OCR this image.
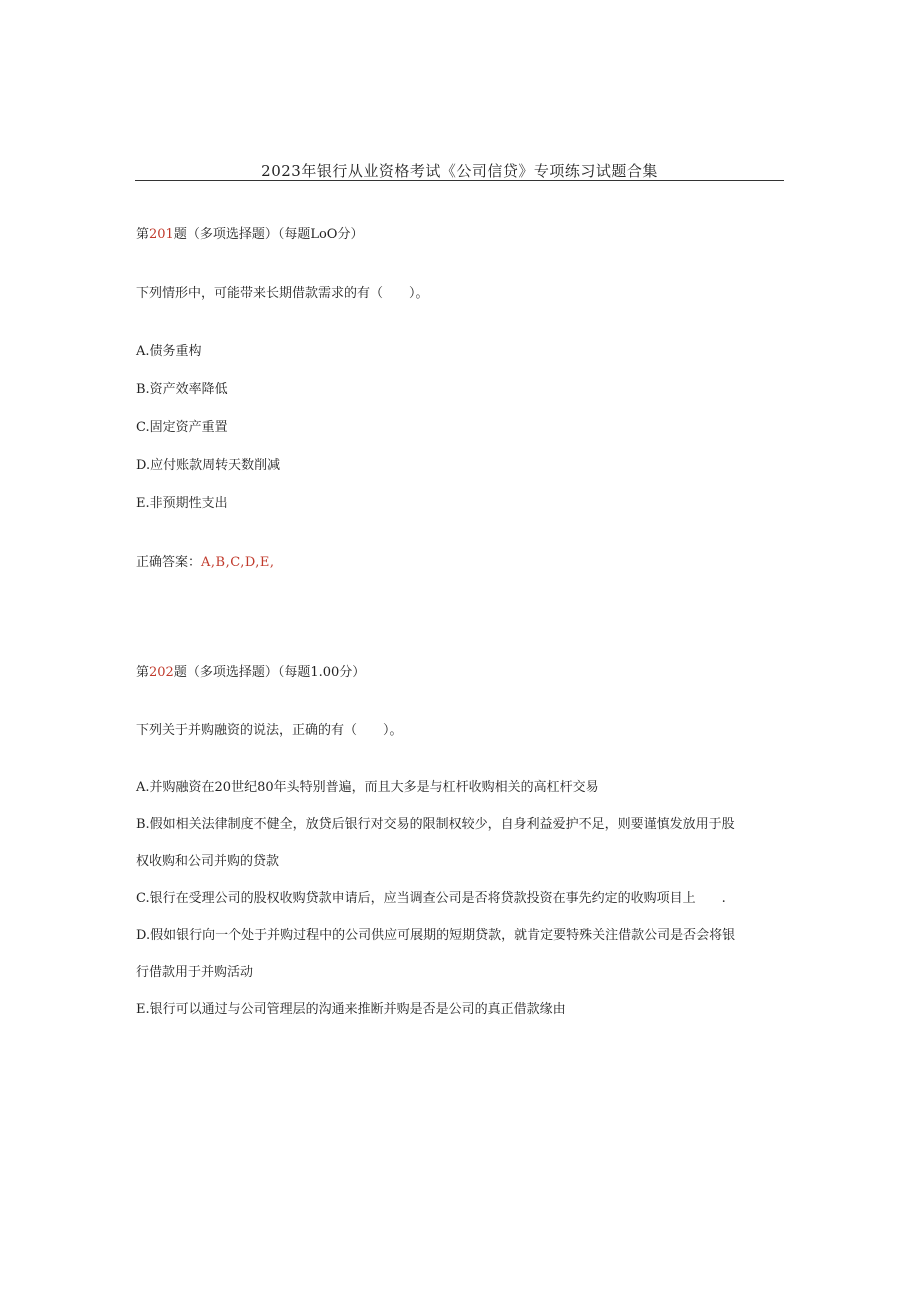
2023年银行从业资格考试《公司信贷》专项练习试题合集
第201题（多项选择题）（每题LoO分）
下列情形中，可能带来长期借款需求的有（　　）。
A.债务重构
B.资产效率降低
C.固定资产重置
D.应付账款周转天数削减
E.非预期性支出
正确答案：A,B,C,D,E,
第202题（多项选择题）（每题1.00分）
下列关于并购融资的说法，正确的有（　　）。
A.并购融资在20世纪80年头特别普遍，而且大多是与杠杆收购相关的高杠杆交易
B.假如相关法律制度不健全，放贷后银行对交易的限制权较少，自身利益爱护不足，则要谨慎发放用于股
权收购和公司并购的贷款
C.银行在受理公司的股权收购贷款申请后，应当调查公司是否将贷款投资在事先约定的收购项目上　　.
D.假如银行向一个处于并购过程中的公司供应可展期的短期贷款，就肯定要特殊关注借款公司是否会将银
行借款用于并购活动
E.银行可以通过与公司管理层的沟通来推断并购是否是公司的真正借款缘由
